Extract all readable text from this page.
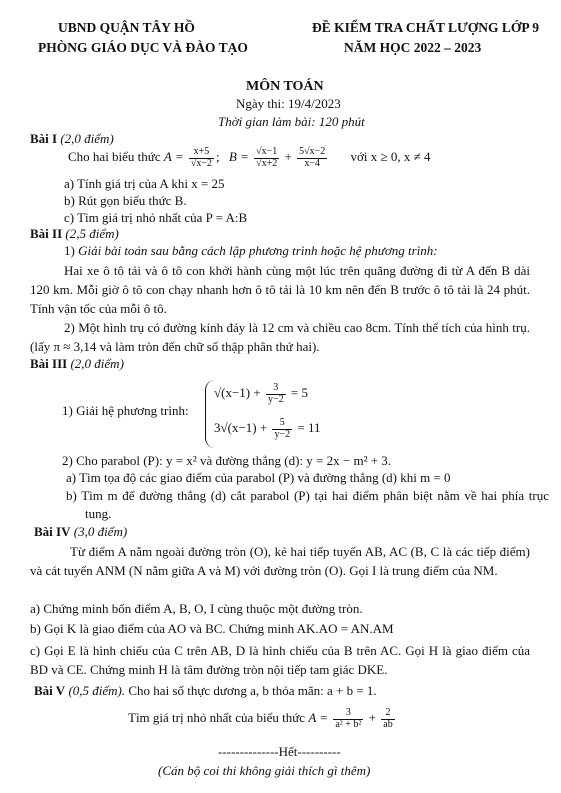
UBND QUẬN TÂY HỒ
PHÒNG GIÁO DỤC VÀ ĐÀO TẠO
ĐỀ KIỂM TRA CHẤT LƯỢNG LỚP 9
NĂM HỌC 2022 – 2023
MÔN TOÁN
Ngày thi: 19/4/2023
Thời gian làm bài: 120 phút
Bài I (2,0 điểm)
Cho hai biểu thức $A = \frac{x+5}{√x-2}$ ; $B = \frac{√x-1}{√x+2} + \frac{5√x-2}{x-4}$ với x ≥ 0, x ≠ 4
a) Tính giá trị của A khi x = 25
b) Rút gọn biểu thức B.
c) Tìm giá trị nhỏ nhất của P = A:B
Bài II (2,5 điểm)
1) Giải bài toán sau bằng cách lập phương trình hoặc hệ phương trình:
Hai xe ô tô tải và ô tô con khởi hành cùng một lúc trên quãng đường đi từ A đến B dài 120 km. Mỗi giờ ô tô con chạy nhanh hơn ô tô tải là 10 km nên đến B trước ô tô tải là 24 phút. Tính vận tốc của mỗi ô tô.
2) Một hình trụ có đường kính đáy là 12 cm và chiều cao 8cm. Tính thể tích của hình trụ. (lấy π ≈ 3,14 và làm tròn đến chữ số thập phân thứ hai).
Bài III (2,0 điểm)
1) Giải hệ phương trình:
$√(x-1) + \frac{3}{y-2} = 5$
$3√(x-1) + \frac{5}{y-2} = 11$
2) Cho parabol (P): y = x² và đường thẳng (d): y = 2x − m² + 3.
a) Tìm tọa độ các giao điểm của parabol (P) và đường thẳng (d) khi m = 0
b) Tìm m để đường thẳng (d) cắt parabol (P) tại hai điểm phân biệt nằm về hai phía trục tung.
Bài IV (3,0 điểm)
Từ điểm A nằm ngoài đường tròn (O), kẻ hai tiếp tuyến AB, AC (B, C là các tiếp điểm) và cát tuyến ANM (N nằm giữa A và M) với đường tròn (O). Gọi I là trung điểm của NM.
a) Chứng minh bốn điểm A, B, O, I cùng thuộc một đường tròn.
b) Gọi K là giao điểm của AO và BC. Chứng minh AK.AO = AN.AM
c) Gọi E là hình chiếu của C trên AB, D là hình chiếu của B trên AC. Gọi H là giao điểm của BD và CE. Chứng minh H là tâm đường tròn nội tiếp tam giác DKE.
Bài V (0,5 điểm). Cho hai số thực dương a, b thỏa mãn: a + b = 1.
Tìm giá trị nhỏ nhất của biểu thức $A = \frac{3}{\text{a² + b²}} + \frac{2}{ab}$
--------------Hết----------
(Cán bộ coi thi không giải thích gì thêm)
